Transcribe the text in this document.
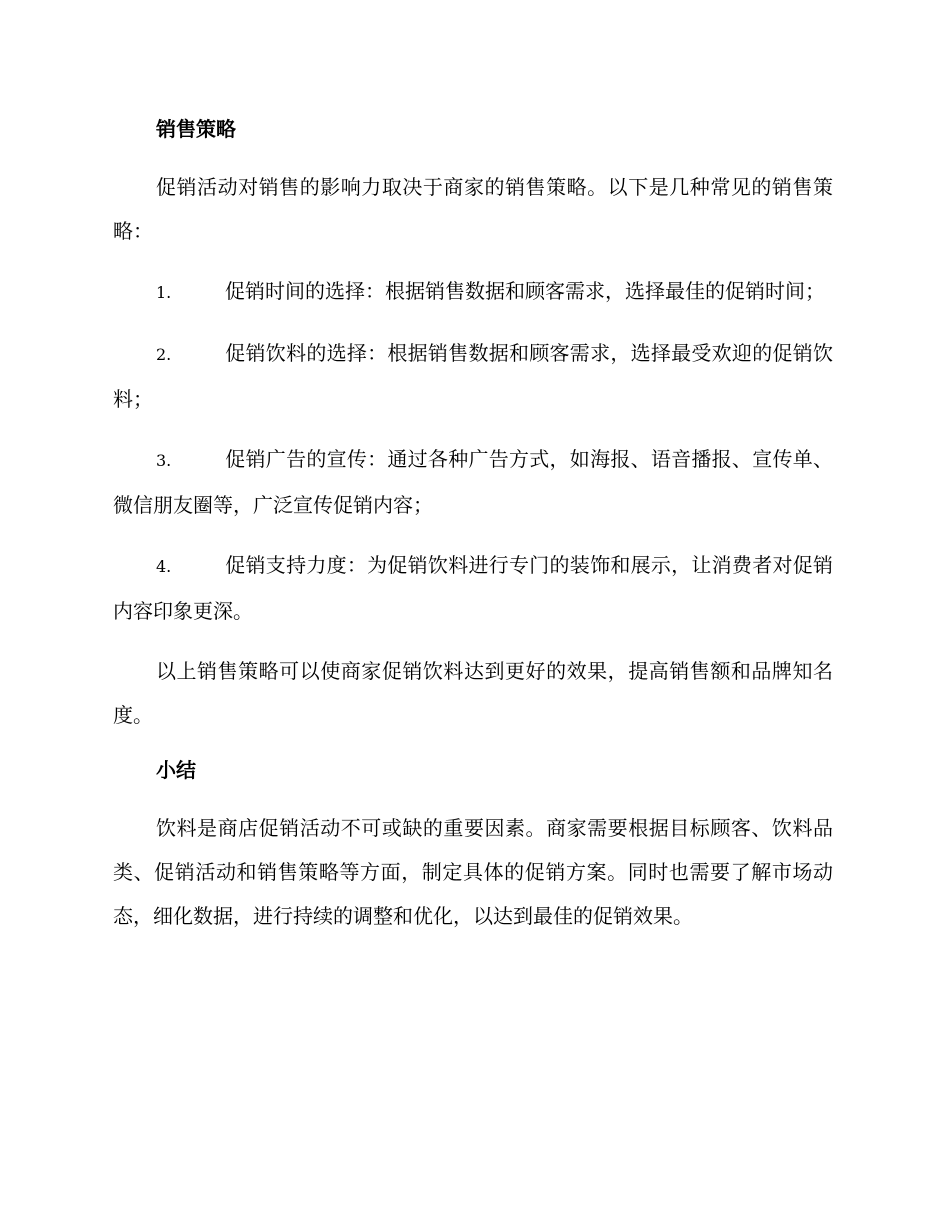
销售策略

促销活动对销售的影响力取决于商家的销售策略。以下是几种常见的销售策略：

1.	促销时间的选择：根据销售数据和顾客需求，选择最佳的促销时间；

2.	促销饮料的选择：根据销售数据和顾客需求，选择最受欢迎的促销饮料；

3.	促销广告的宣传：通过各种广告方式，如海报、语音播报、宣传单、微信朋友圈等，广泛宣传促销内容；

4.	促销支持力度：为促销饮料进行专门的装饰和展示，让消费者对促销内容印象更深。

以上销售策略可以使商家促销饮料达到更好的效果，提高销售额和品牌知名度。

小结

饮料是商店促销活动不可或缺的重要因素。商家需要根据目标顾客、饮料品类、促销活动和销售策略等方面，制定具体的促销方案。同时也需要了解市场动态，细化数据，进行持续的调整和优化，以达到最佳的促销效果。
